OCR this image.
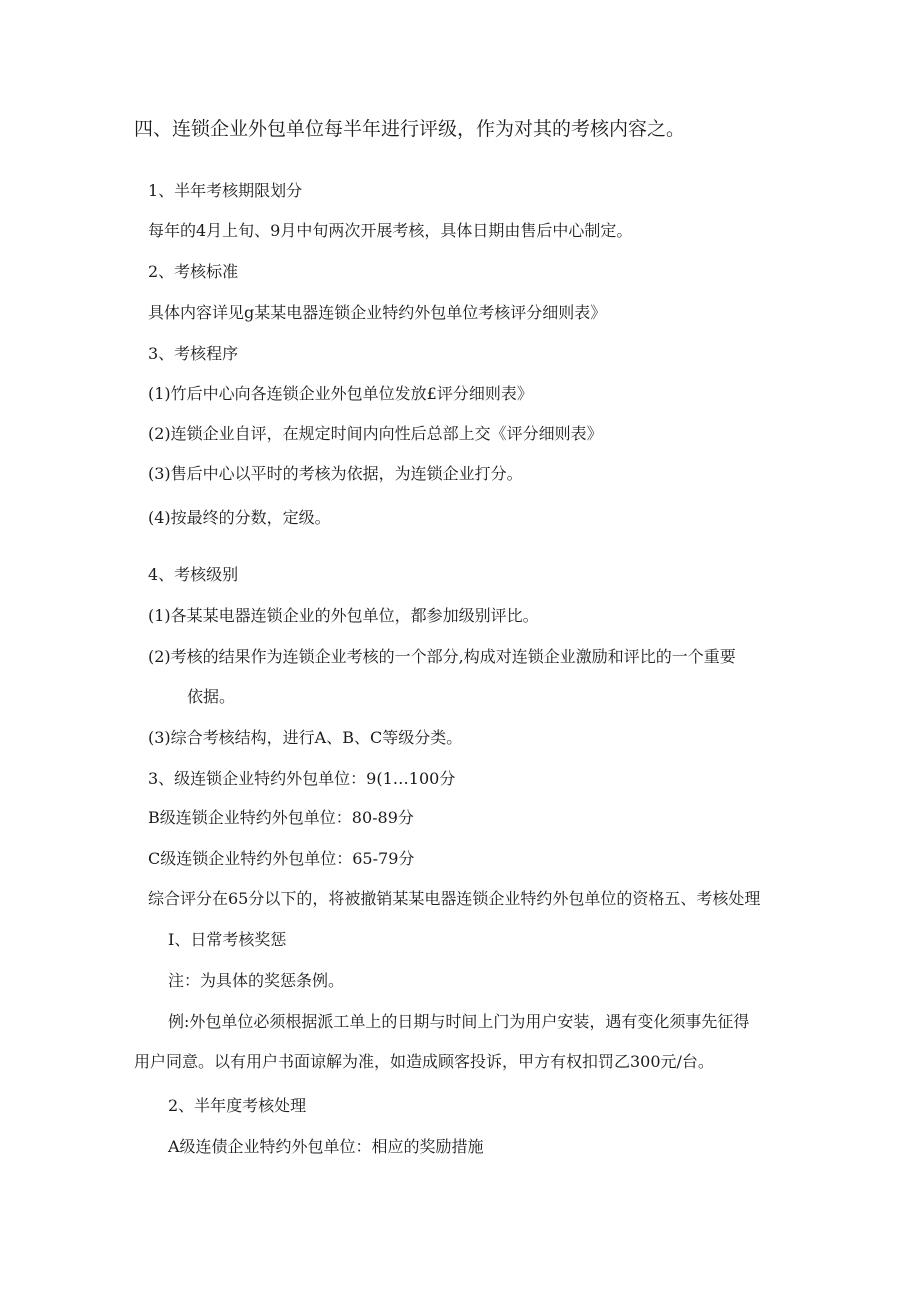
四、连锁企业外包单位每半年进行评级，作为对其的考核内容之。
1、半年考核期限划分
每年的4月上旬、9月中旬两次开展考核，具体日期由售后中心制定。
2、考核标准
具体内容详见g某某电器连锁企业特约外包单位考核评分细则表》
3、考核程序
(1)竹后中心向各连锁企业外包单位发放£评分细则表》
(2)连锁企业自评，在规定时间内向性后总部上交《评分细则表》
(3)售后中心以平时的考核为依据，为连锁企业打分。
(4)按最终的分数，定级。
4、考核级别
(1)各某某电器连锁企业的外包单位，都参加级别评比。
(2)考核的结果作为连锁企业考核的一个部分,构成对连锁企业激励和评比的一个重要
依据。
(3)综合考核结构，进行A、B、C等级分类。
3、级连锁企业特约外包单位：9(1…100分
B级连锁企业特约外包单位：80-89分
C级连锁企业特约外包单位：65-79分
综合评分在65分以下的，将被撤销某某电器连锁企业特约外包单位的资格五、考核处理
I、日常考核奖惩
注：为具体的奖惩条例。
例:外包单位必须根据派工单上的日期与时间上门为用户安装，遇有变化须事先征得
用户同意。以有用户书面谅解为准，如造成顾客投诉，甲方有权扣罚乙300元/台。
2、半年度考核处理
A级连债企业特约外包单位：相应的奖励措施
